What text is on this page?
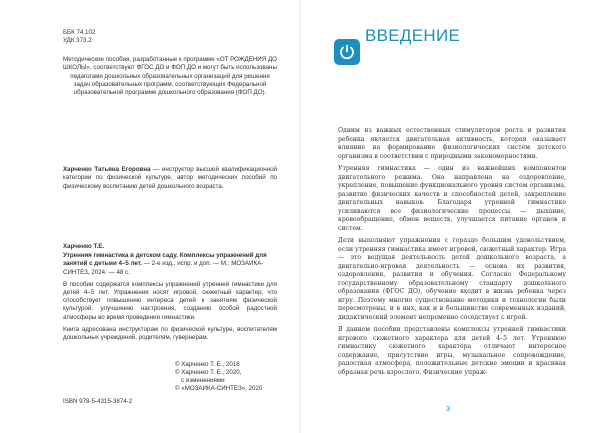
ББК 74.102
УДК 373.2
Методические пособия, разработанные к программе «ОТ РОЖДЕНИЯ ДО ШКОЛЫ», соответствуют ФГОС ДО и ФОП ДО и могут быть использованы педагогами дошкольных образовательных организаций для решения задач образовательных программ, соответствующих Федеральной образовательной программе дошкольного образования (ФОП ДО).
Харченко Татьяна Егоровна — инструктор высшей квалификационной категории по физической культуре, автор методических пособий по физическому воспитанию детей дошкольного возраста.
Харченко Т.Е.

Утренняя гимнастика в детском саду. Комплексы упражнений для занятий с детьми 4–5 лет. — 2-е изд., испр. и доп. — М.: МОЗАИКА-СИНТЕЗ, 2024. — 48 с.

В пособии содержатся комплексы упражнений утренней гимнастики для детей 4–5 лет. Упражнения носят игровой, сюжетный характер, что способствует повышению интереса детей к занятиям физической культурой, улучшению настроения, созданию особой радостной атмосферы во время проведения гимнастики.

Книга адресована инструкторам по физической культуре, воспитателям дошкольных учреждений, родителям, гувернерам.

© Харченко Т. Е., 2016
© Харченко Т. Е., 2020,
с изменениями
© «МОЗАИКА-СИНТЕЗ», 2020
ISBN 978-5-4315-3874-2
ВВЕДЕНИЕ

Одним из важных естественных стимуляторов роста и развития ребенка является двигательная активность, которая оказывает влияние на формирование физиологических систем детского организма в соответствии с природными закономерностями.

Утренняя гимнастика — один из важнейших компонентов двигательного режима. Она направлена на оздоровление, укрепление, повышение функционального уровня систем организма, развитие физических качеств и способностей детей, закрепление двигательных навыков. Благодаря утренней гимнастике усиливаются все физиологические процессы — дыхание, кровообращение, обмен веществ, улучшается питание органов и систем.

Дети выполняют упражнения с гораздо большим удовольствием, если утренняя гимнастика имеет игровой, сюжетный характер. Игра — это ведущая деятельность детей дошкольного возраста, а двигательно-игровая деятельность — основа их развития, оздоровления, развития и обучения. Согласно Федеральному государственному образовательному стандарту дошкольного образования (ФГОС ДО), обучение входит в жизнь ребенка через игру. Поэтому многие существование методики и технологии были пересмотрены, и в них, как и в большинстве современных изданий, дидактический элемент непременно соседствует с игрой.

В данном пособии представлены комплексы утренней гимнастики игрового сюжетного характера для детей 4–5 лет. Утреннюю гимнастику сюжетного характера отличают интересное содержание, присутствие игры, музыкальное сопровождение, радостная атмосфера, положительные детские эмоции и красивая образная речь взрослого. Физические упраж-

3
